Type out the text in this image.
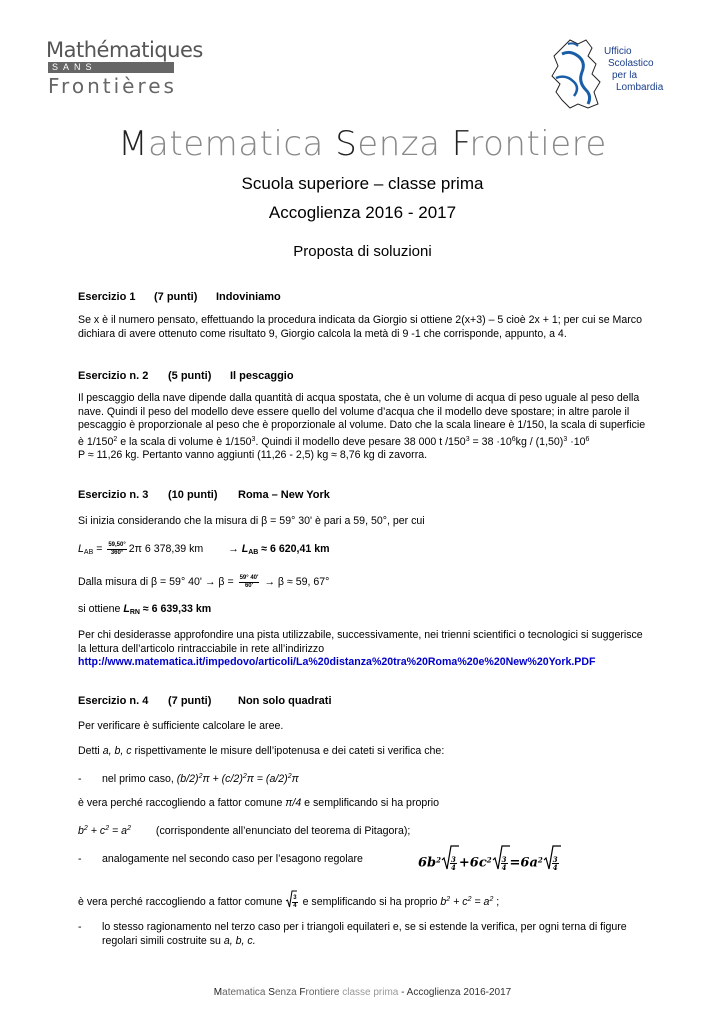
Mathématiques
SANS
Frontières
Ufficio
Scolastico
per la
Lombardia
Matematica Senza Frontiere
Scuola superiore – classe prima
Accoglienza 2016 - 2017
Proposta di soluzioni
Esercizio 1 (7 punti) Indoviniamo
Se x è il numero pensato, effettuando la procedura indicata da Giorgio si ottiene 2(x+3) – 5 cioè 2x + 1; per cui se Marco dichiara di avere ottenuto come risultato 9, Giorgio calcola la metà di 9 -1 che corrisponde, appunto, a 4.
Esercizio n. 2 (5 punti) Il pescaggio
Il pescaggio della nave dipende dalla quantità di acqua spostata, che è un volume di acqua di peso uguale al peso della nave. Quindi il peso del modello deve essere quello del volume d’acqua che il modello deve spostare; in altre parole il pescaggio è proporzionale al peso che è proporzionale al volume. Dato che la scala lineare è 1/150, la scala di superficie
è $1/150^2$ e la scala di volume è $1/150^3$. Quindi il modello deve pesare 38 000 t $/150^3 = 38 \cdot 10^6kg / (1,50)^3 \cdot 10^6$
P ≈ 11,26 kg. Pertanto vanno aggiunti (11,26 - 2,5) kg ≈ 8,76 kg di zavorra.
Esercizio n. 3 (10 punti) Roma – New York
Si inizia considerando che la misura di β = 59° 30' è pari a 59, 50°, per cui
$L_{AB} = \frac{59,50^\circ}{360^\circ} 2\pi$ 6 378,39 km → $L_{AB} \approx 6$ 620,41 km
Dalla misura di β = 59° $40' \to \beta = \frac{59^\circ 40'}{60'} \to \beta \approx 59$, 67°
si ottiene $L_{RN} \approx 6$ 639,33 km
Per chi desiderasse approfondire una pista utilizzabile, successivamente, nei trienni scientifici o tecnologici si suggerisce la lettura dell’articolo rintracciabile in rete all’indirizzo
http://www.matematica.it/impedovo/articoli/La%20distanza%20tra%20Roma%20e%20New%20York.PDF
Esercizio n. 4 (7 punti) Non solo quadrati
Per verificare è sufficiente calcolare le aree.
Detti a, b, c rispettivamente le misure dell’ipotenusa e dei cateti si verifica che:
- nel primo caso, $(b/2)^2\pi + (c/2)^2\pi = (a/2)^2\pi$
è vera perché raccogliendo a fattor comune π/4 e semplificando si ha proprio
$b^2 + c^2 = a^2$ (corrispondente all’enunciato del teorema di Pitagora);
- analogamente nel secondo caso per l’esagono regolare	$6b^2 \frac{3}{4} +6c^2 \frac{3}{4} =6a^2 \frac{3}{4}$
è vera perché raccogliendo a fattor comune $\frac{3}{4}$ e semplificando si ha proprio $b^2 + c^2 = a^2$ ;
-	lo stesso ragionamento nel terzo caso per i triangoli equilateri e, se si estende la verifica, per ogni terna di figure regolari simili costruite su a, b, c.
Matematica Senza Frontiere classe prima - Accoglienza 2016-2017
